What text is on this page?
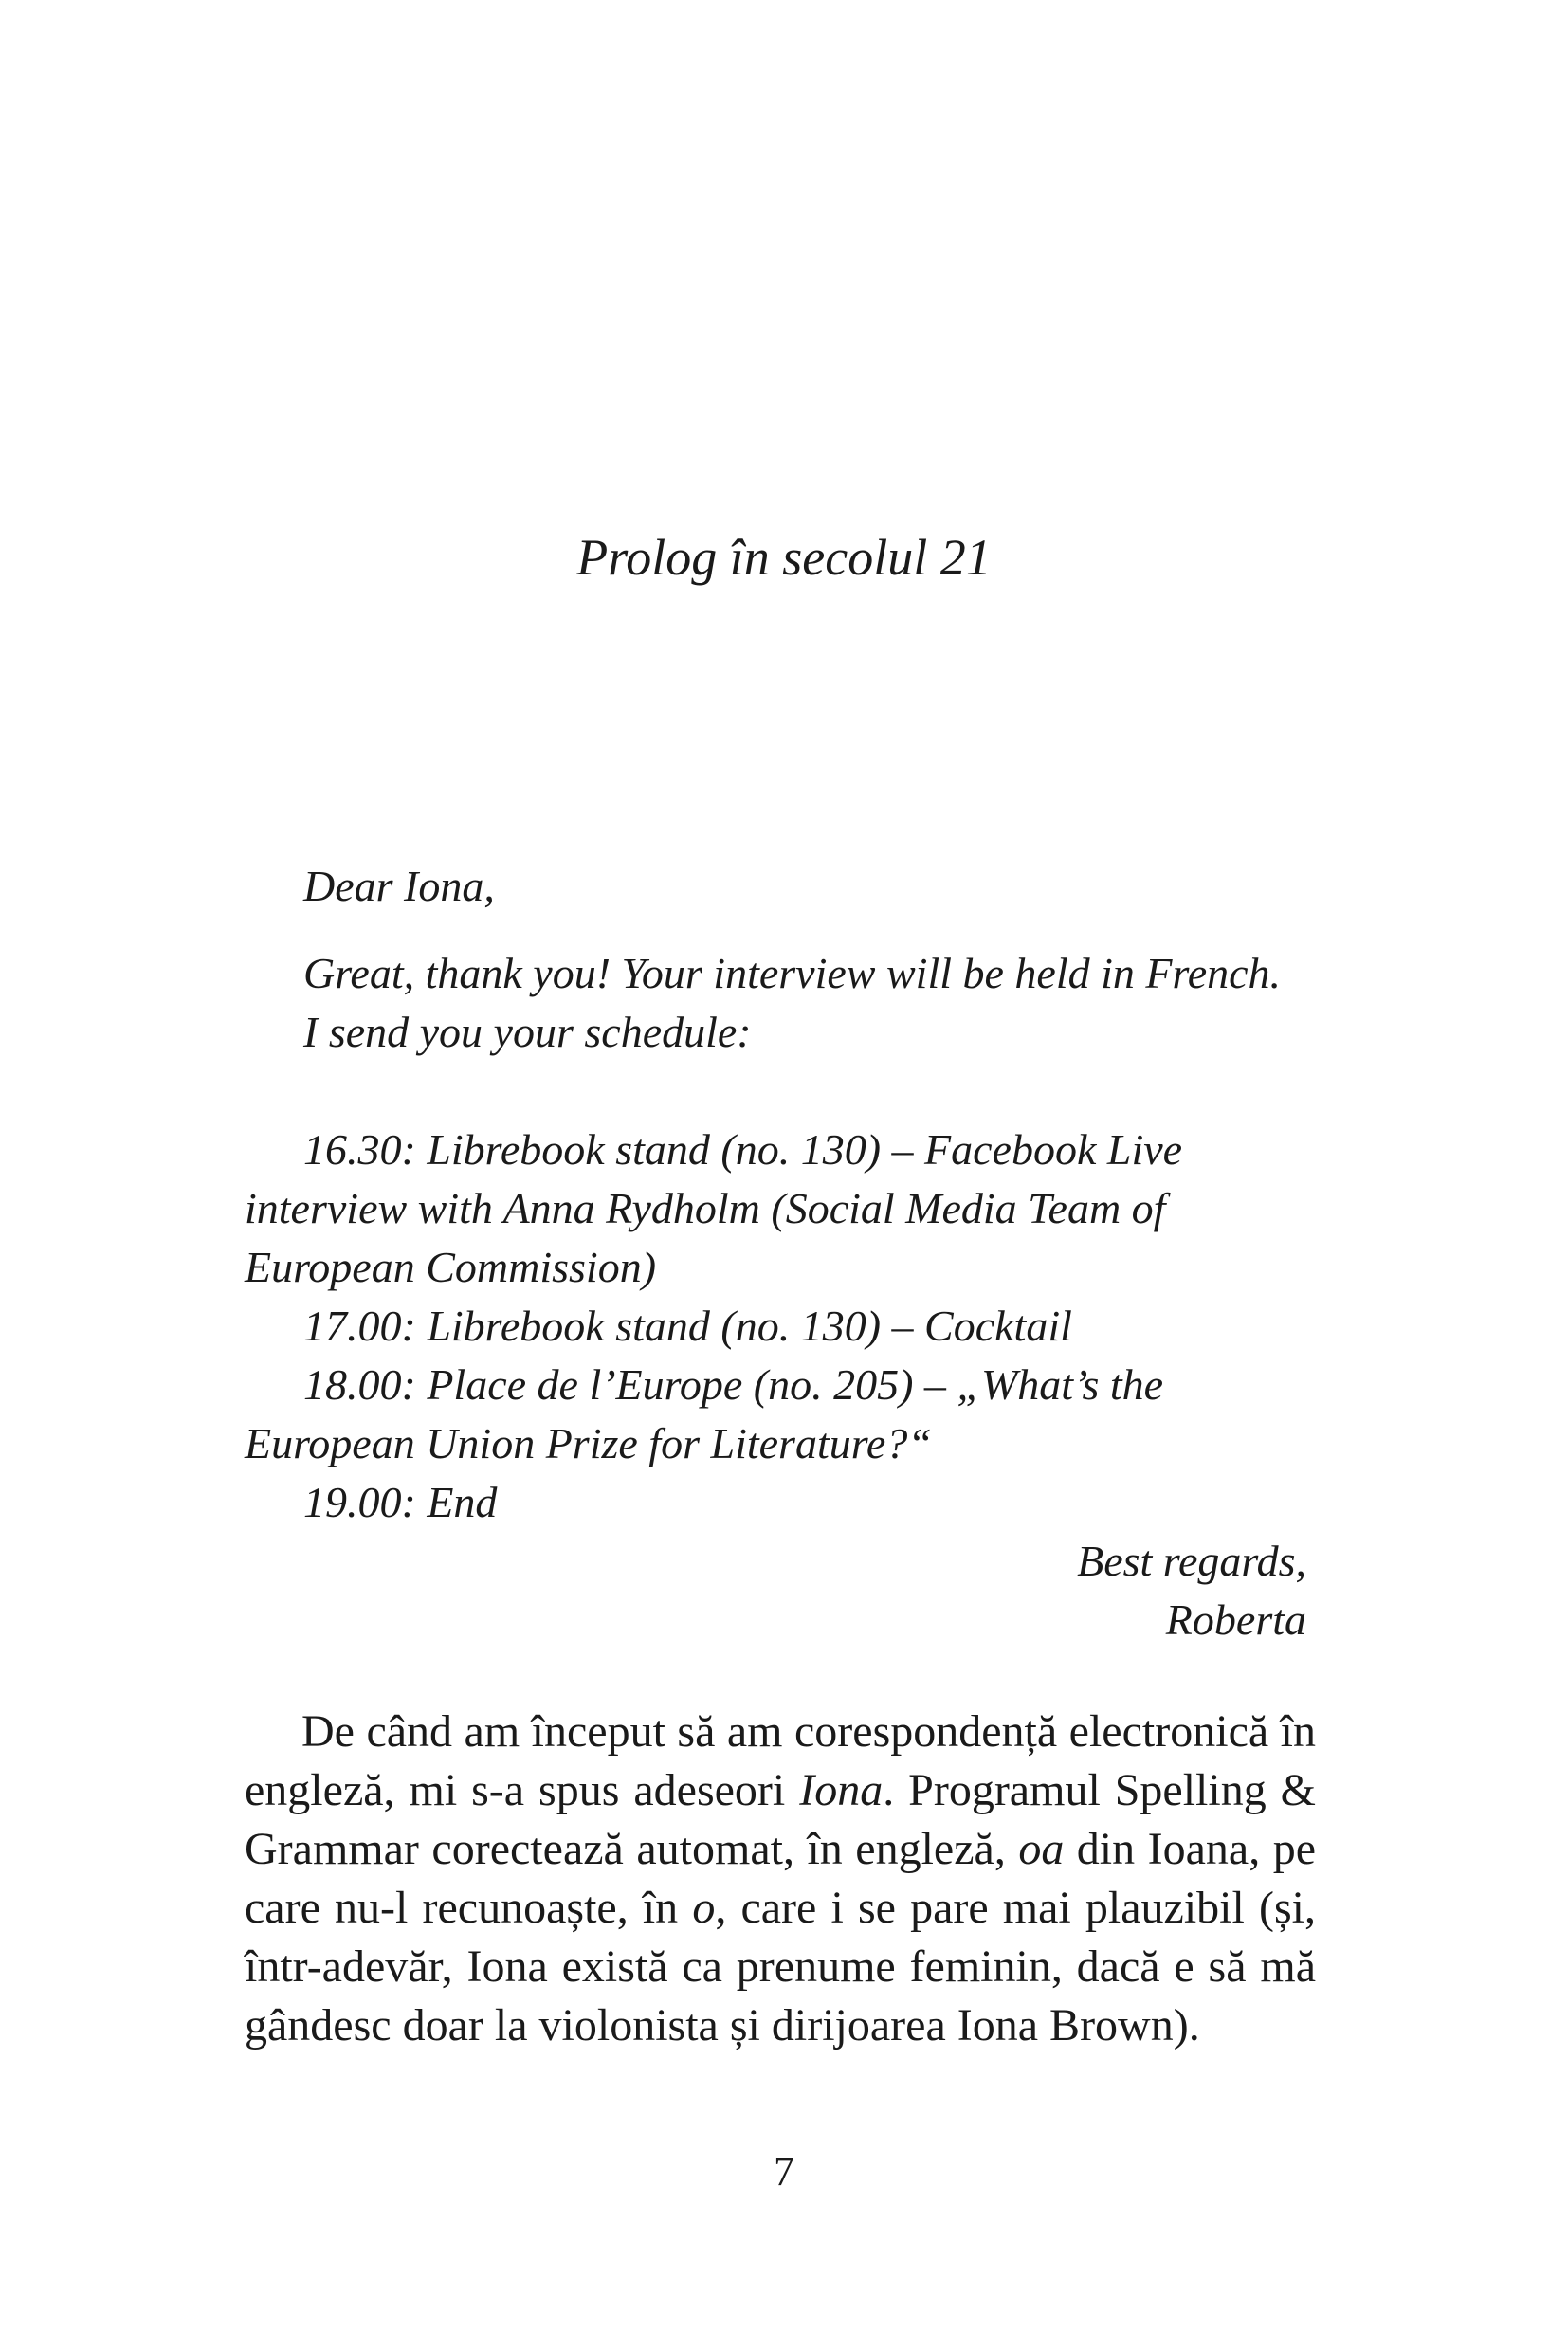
Prolog în secolul 21

Dear Iona,

Great, thank you! Your interview will be held in French.

I send you your schedule:

16.30: Librebook stand (no. 130) – Facebook Live interview with Anna Rydholm (Social Media Team of European Commission)

17.00: Librebook stand (no. 130) – Cocktail

18.00: Place de l’Europe (no. 205) – „What’s the European Union Prize for Literature?“

19.00: End

Best regards,

Roberta

De când am început să am corespondență electronică în engleză, mi s-a spus adeseori Iona. Programul Spelling & Grammar corectează automat, în engleză, oa din Ioana, pe care nu-l recunoaște, în o, care i se pare mai plauzibil (și, într-adevăr, Iona există ca prenume feminin, dacă e să mă gândesc doar la violonista și dirijoarea Iona Brown).

7
